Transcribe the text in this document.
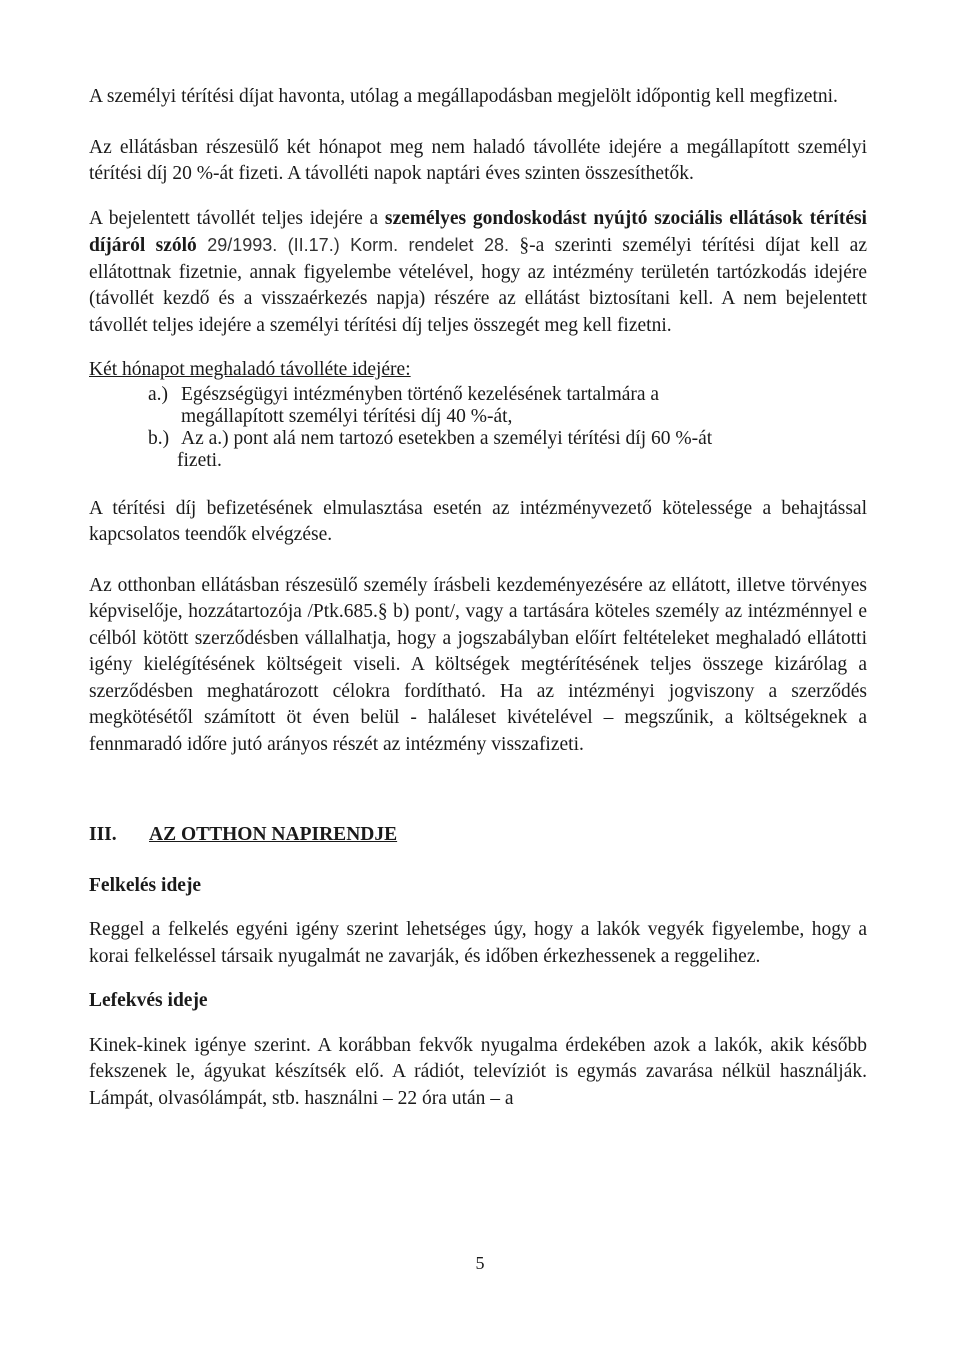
A személyi térítési díjat havonta, utólag a megállapodásban megjelölt időpontig kell megfizetni.

Az ellátásban részesülő két hónapot meg nem haladó távolléte idejére a megállapított személyi térítési díj 20 %-át fizeti. A távolléti napok naptári éves szinten összesíthetők.

A bejelentett távollét teljes idejére a személyes gondoskodást nyújtó szociális ellátások térítési díjáról szóló 29/1993. (II.17.) Korm. rendelet 28. §-a szerinti személyi térítési díjat kell az ellátottnak fizetnie, annak figyelembe vételével, hogy az intézmény területén tartózkodás idejére (távollét kezdő és a visszaérkezés napja) részére az ellátást biztosítani kell. A nem bejelentett távollét teljes idejére a személyi térítési díj teljes összegét meg kell fizetni.

Két hónapot meghaladó távolléte idejére:

a.) Egészségügyi intézményben történő kezelésének tartalmára a
megállapított személyi térítési díj 40 %-át,
b.) Az a.) pont alá nem tartozó esetekben a személyi térítési díj 60 %-át
fizeti.

A térítési díj befizetésének elmulasztása esetén az intézményvezető kötelessége a behajtással kapcsolatos teendők elvégzése.

Az otthonban ellátásban részesülő személy írásbeli kezdeményezésére az ellátott, illetve törvényes képviselője, hozzátartozója /Ptk.685.§ b) pont/, vagy a tartására köteles személy az intézménnyel e célból kötött szerződésben vállalhatja, hogy a jogszabályban előírt feltételeket meghaladó ellátotti igény kielégítésének költségeit viseli. A költségek megtérítésének teljes összege kizárólag a szerződésben meghatározott célokra fordítható. Ha az intézményi jogviszony a szerződés megkötésétől számított öt éven belül - haláleset kivételével – megszűnik, a költségeknek a fennmaradó időre jutó arányos részét az intézmény visszafizeti.

III.	AZ OTTHON NAPIRENDJE

Felkelés ideje

Reggel a felkelés egyéni igény szerint lehetséges úgy, hogy a lakók vegyék figyelembe, hogy a korai felkeléssel társaik nyugalmát ne zavarják, és időben érkezhessenek a reggelihez.

Lefekvés ideje

Kinek-kinek igénye szerint. A korábban fekvők nyugalma érdekében azok a lakók, akik később fekszenek le, ágyukat készítsék elő. A rádiót, televíziót is egymás zavarása nélkül használják. Lámpát, olvasólámpát, stb. használni – 22 óra után – a

5
